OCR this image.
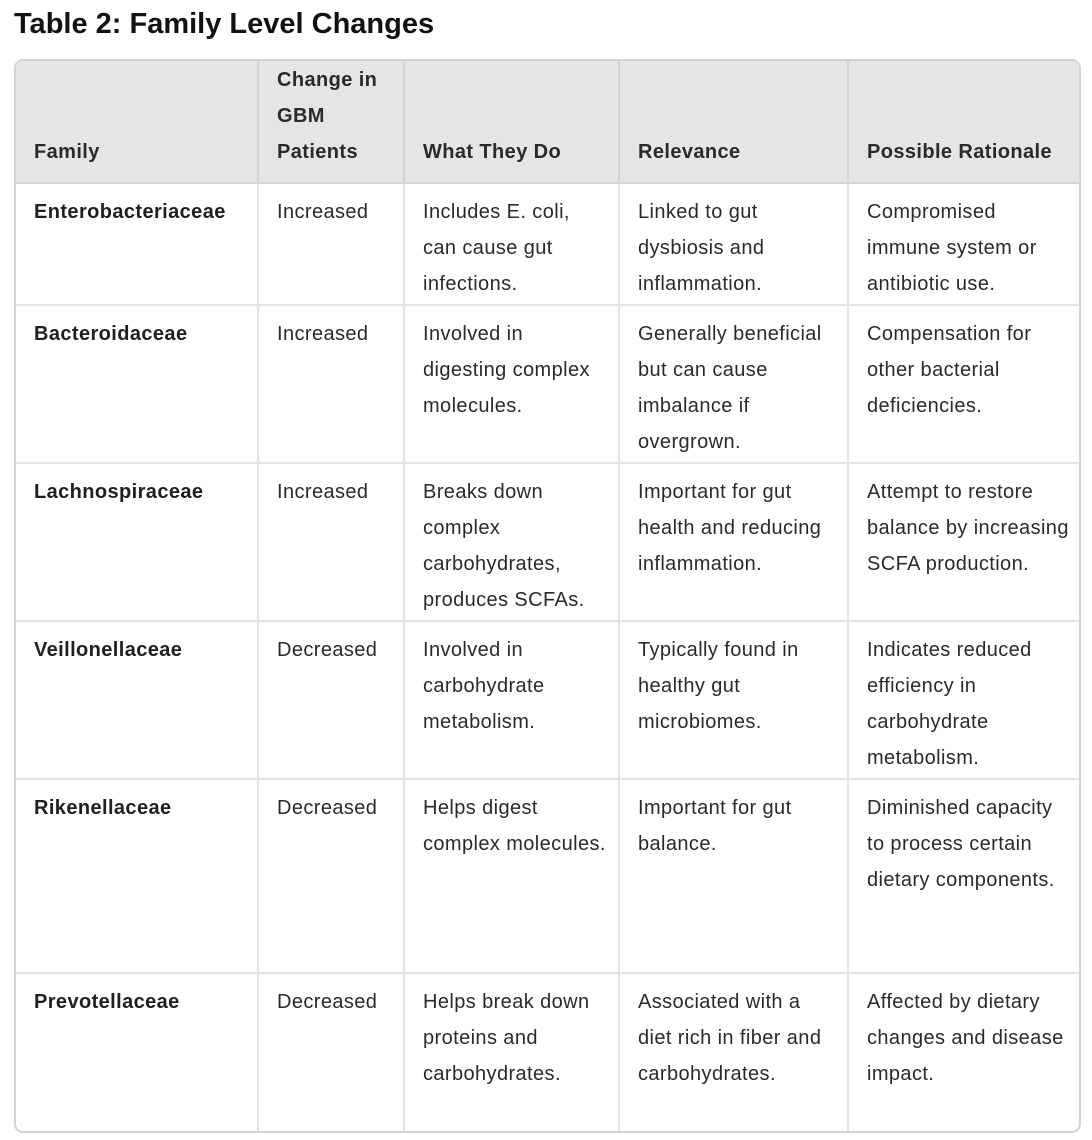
Table 2: Family Level Changes
Family	Change in GBM Patients	What They Do	Relevance	Possible Rationale
Enterobacteriaceae	Increased	Includes E. coli, can cause gut infections.	Linked to gut dysbiosis and inflammation.	Compromised immune system or antibiotic use.
Bacteroidaceae	Increased	Involved in digesting complex molecules.	Generally beneficial but can cause imbalance if overgrown.	Compensation for other bacterial deficiencies.
Lachnospiraceae	Increased	Breaks down complex carbohydrates, produces SCFAs.	Important for gut health and reducing inflammation.	Attempt to restore balance by increasing SCFA production.
Veillonellaceae	Decreased	Involved in carbohydrate metabolism.	Typically found in healthy gut microbiomes.	Indicates reduced efficiency in carbohydrate metabolism.
Rikenellaceae	Decreased	Helps digest complex molecules.	Important for gut balance.	Diminished capacity to process certain dietary components.
Prevotellaceae	Decreased	Helps break down proteins and carbohydrates.	Associated with a diet rich in fiber and carbohydrates.	Affected by dietary changes and disease impact.
